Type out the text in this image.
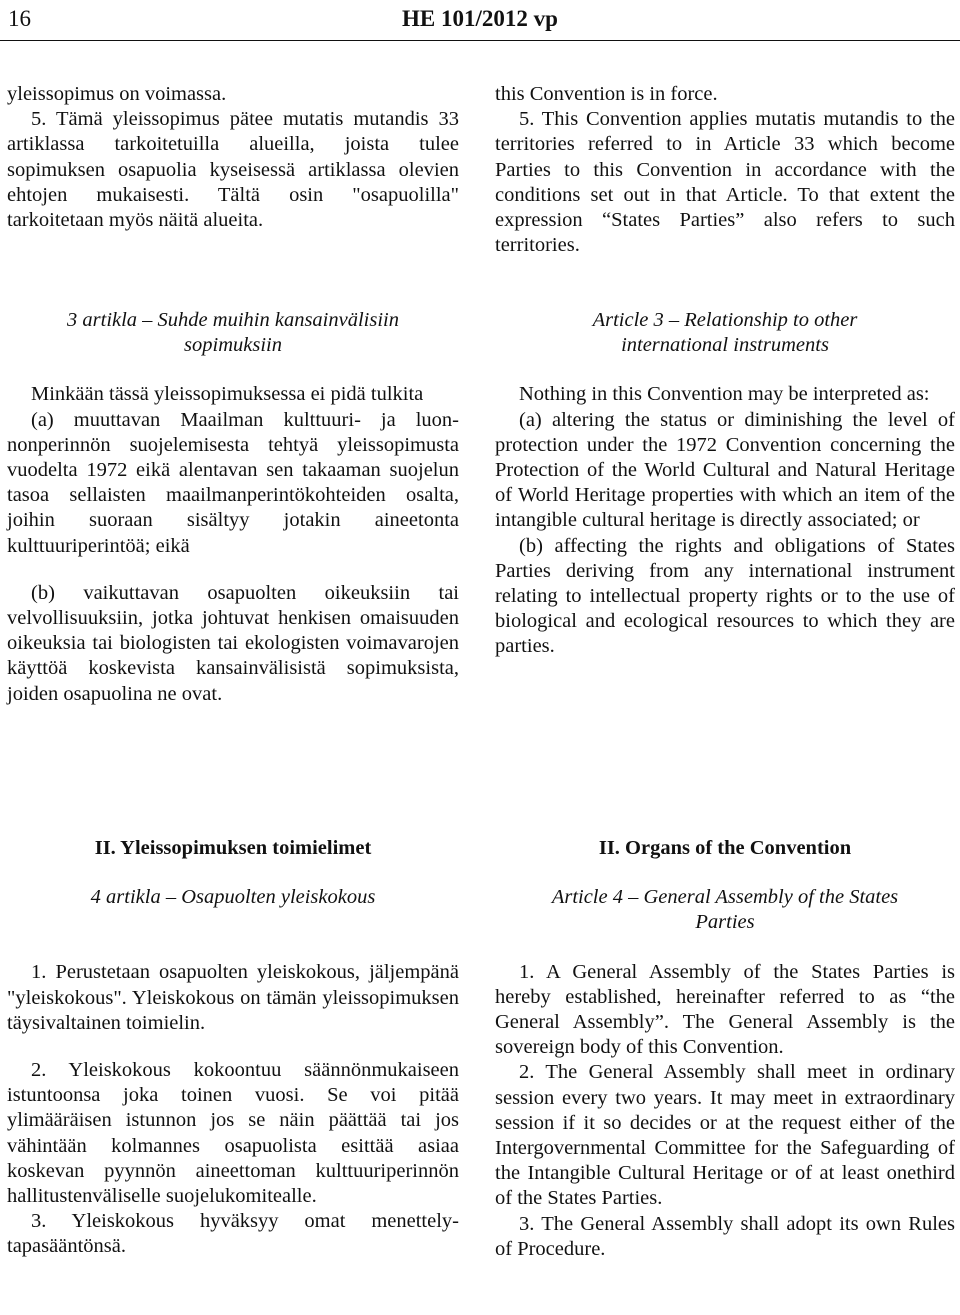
16	HE 101/2012 vp

yleissopimus on voimassa.

5. Tämä yleissopimus pätee mutatis mutandis 33 artiklassa tarkoitetuilla alueilla, joista tulee sopimuksen osapuolia kyseisessä artiklassa olevien ehtojen mukaisesti. Tältä osin "osapuolilla" tarkoitetaan myös näitä alueita.

this Convention is in force.

5. This Convention applies mutatis mutandis to the territories referred to in Article 33 which become Parties to this Convention in accordance with the conditions set out in that Article. To that extent the expression “States Parties” also refers to such territories.

3 artikla – Suhde muihin kansainvälisiin

sopimuksiin

Minkään tässä yleissopimuksessa ei pidä tulkita

(a) muuttavan Maailman kulttuuri- ja luonnonperinnön suojelemisesta tehtyä yleissopimusta vuodelta 1972 eikä alentavan sen takaaman suojelun tasoa sellaisten maailmanperintökohteiden osalta, joihin suoraan sisältyy jotakin aineetonta kulttuuriperintöä; eikä

(b) vaikuttavan osapuolten oikeuksiin tai velvollisuuksiin, jotka johtuvat henkisen omaisuuden oikeuksia tai biologisten tai ekologisten voimavarojen käyttöä koskevista kansainvälisistä sopimuksista, joiden osapuolina ne ovat.

Article 3 – Relationship to other

international instruments

Nothing in this Convention may be interpreted as:

(a) altering the status or diminishing the level of protection under the 1972 Convention concerning the Protection of the World Cultural and Natural Heritage of World Heritage properties with which an item of the intangible cultural heritage is directly associated; or

(b) affecting the rights and obligations of States Parties deriving from any international instrument relating to intellectual property rights or to the use of biological and ecological resources to which they are parties.

II. Yleissopimuksen toimielimet

4 artikla – Osapuolten yleiskokous

1. Perustetaan osapuolten yleiskokous, jäljempänä "yleiskokous". Yleiskokous on tämän yleissopimuksen täysivaltainen toimielin.

2. Yleiskokous kokoontuu säännönmukaiseen istuntoonsa joka toinen vuosi. Se voi pitää ylimääräisen istunnon jos se näin päättää tai jos vähintään kolmannes osapuolista esittää asiaa koskevan pyynnön aineettoman kulttuuriperinnön hallitustenväliselle suojelukomitealle.

3. Yleiskokous hyväksyy omat menettelytapasääntönsä.

II. Organs of the Convention

Article 4 – General Assembly of the States

Parties

1. A General Assembly of the States Parties is hereby established, hereinafter referred to as “the General Assembly”. The General Assembly is the sovereign body of this Convention.

2. The General Assembly shall meet in ordinary session every two years. It may meet in extraordinary session if it so decides or at the request either of the Intergovernmental Committee for the Safeguarding of the Intangible Cultural Heritage or of at least onethird of the States Parties.

3. The General Assembly shall adopt its own Rules of Procedure.
